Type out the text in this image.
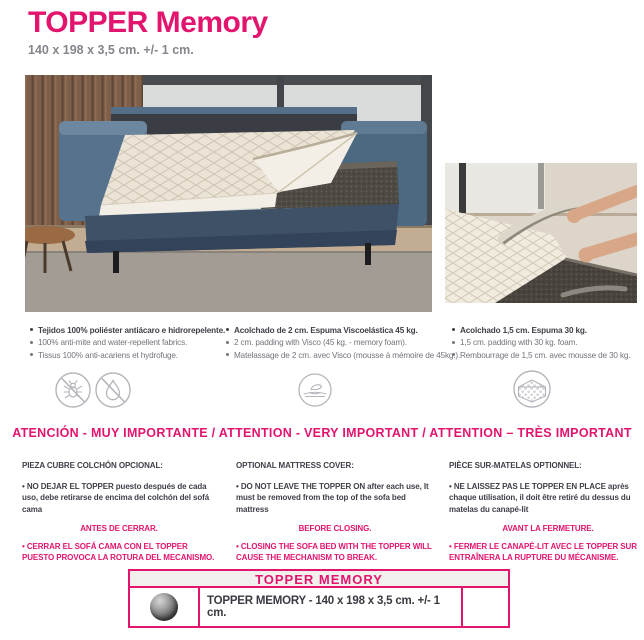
TOPPER Memory
140 x 198 x 3,5 cm. +/- 1 cm.
Tejidos 100% poliéster antiácaro e hidrorepelente.
100% anti-mite and water-repellent fabrics.
Tissus 100% anti-acariens et hydrofuge.
Acolchado de 2 cm. Espuma Viscoelástica 45 kg.
2 cm. padding with Visco (45 kg. - memory foam).
Matelassage de 2 cm. avec Visco (mousse à mémoire de 45kg.).
Acolchado 1,5 cm. Espuma 30 kg.
1,5 cm. padding with 30 kg. foam.
Rembourrage de 1,5 cm. avec mousse de 30 kg.
ATENCIÓN - MUY IMPORTANTE / ATTENTION - VERY IMPORTANT / ATTENTION – TRÈS IMPORTANT
PIEZA CUBRE COLCHÓN OPCIONAL:
• NO DEJAR EL TOPPER puesto después de cada uso, debe retirarse de encima del colchón del sofá cama
ANTES DE CERRAR.
• CERRAR EL SOFÁ CAMA CON EL TOPPER PUESTO PROVOCA LA ROTURA DEL MECANISMO.
OPTIONAL MATTRESS COVER:
• DO NOT LEAVE THE TOPPER ON after each use, It must be removed from the top of the sofa bed mattress
BEFORE CLOSING.
• CLOSING THE SOFA BED WITH THE TOPPER WILL CAUSE THE MECHANISM TO BREAK.
PIÈCE SUR-MATELAS OPTIONNEL:
• NE LAISSEZ PAS LE TOPPER EN PLACE après chaque utilisation, il doit être retiré du dessus du matelas du canapé-lit
AVANT LA FERMETURE.
• FERMER LE CANAPÉ-LIT AVEC LE TOPPER SUR ENTRAÎNERA LA RUPTURE DU MÉCANISME.
TOPPER MEMORY
TOPPER MEMORY - 140 x 198 x 3,5 cm. +/- 1 cm.
